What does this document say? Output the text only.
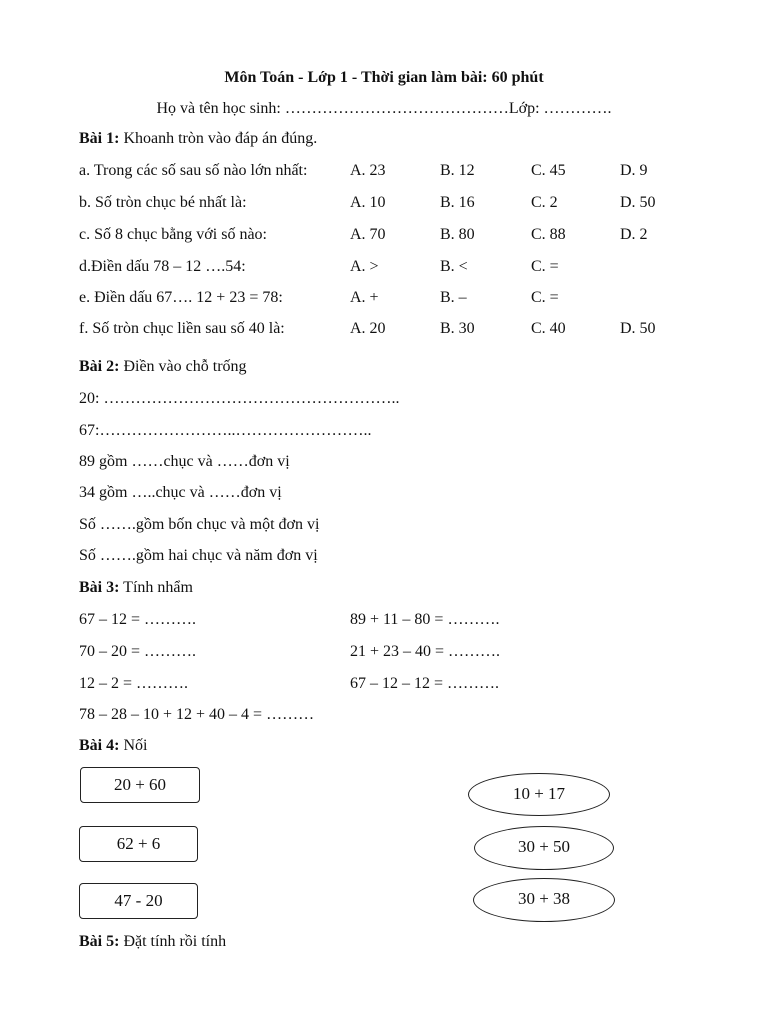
Môn Toán - Lớp 1 - Thời gian làm bài: 60 phút
Họ và tên học sinh: ……………………………………Lớp: ………….
Bài 1: Khoanh tròn vào đáp án đúng.
a. Trong các số sau số nào lớn nhất:	A. 23	B. 12	C. 45	D. 9
b. Số tròn chục bé nhất là:	A. 10	B. 16	C. 2	D. 50
c. Số 8 chục bằng với số nào:	A. 70	B. 80	C. 88	D. 2
d.Điền dấu 78 – 12 ….54:	A. >	B. <	C. =
e. Điền dấu 67…. 12 + 23 = 78:	A. +	B. –	C. =
f. Số tròn chục liền sau số 40 là:	A. 20	B. 30	C. 40	D. 50
Bài 2: Điền vào chỗ trống
20: ………………………………………………..
67:……………………..……………………..
89 gồm ……chục và ……đơn vị
34 gồm …..chục và ……đơn vị
Số …….gồm bốn chục và một đơn vị
Số …….gồm hai chục và năm đơn vị
Bài 3: Tính nhẩm
67 – 12 = ……….	89 + 11 – 80 = ……….
70 – 20 = ……….	21 + 23 – 40 = ……….
12 – 2 = ……….	67 – 12 – 12 = ……….
78 – 28 – 10 + 12 + 40 – 4 = ………
Bài 4: Nối
20 + 60
62 + 6
47 - 20
10 + 17
30 + 50
30 + 38
Bài 5: Đặt tính rồi tính
